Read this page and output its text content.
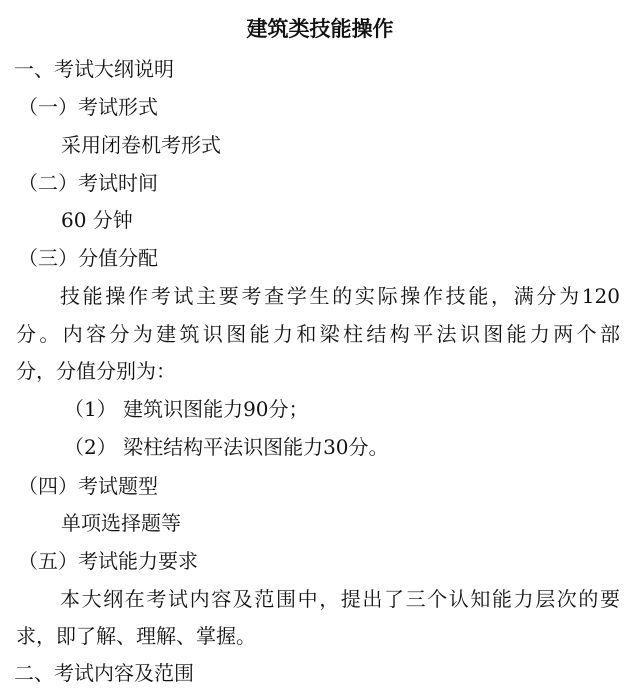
建筑类技能操作
一、考试大纲说明
（一）考试形式
采用闭卷机考形式
（二）考试时间
60 分钟
（三）分值分配
技能操作考试主要考查学生的实际操作技能，满分为120
分。内容分为建筑识图能力和梁柱结构平法识图能力两个部
分，分值分别为：
（1） 建筑识图能力90分；
（2） 梁柱结构平法识图能力30分。
（四）考试题型
单项选择题等
（五）考试能力要求
本大纲在考试内容及范围中，提出了三个认知能力层次的要
求，即了解、理解、掌握。
二、考试内容及范围
